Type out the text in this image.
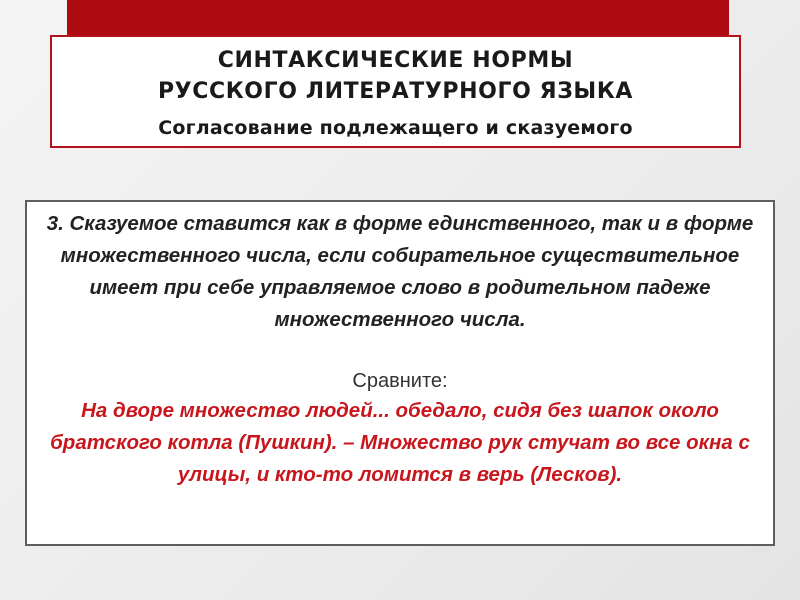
СИНТАКСИЧЕСКИЕ НОРМЫ
РУССКОГО ЛИТЕРАТУРНОГО ЯЗЫКА
Согласование подлежащего и сказуемого
3. Сказуемое ставится как в форме единственного, так и в форме множественного числа, если собирательное существительное имеет при себе управляемое слово в родительном падеже множественного числа.
Сравните:
На дворе множество людей... обедало, сидя без шапок около братского котла (Пушкин). – Множество рук стучат во все окна с улицы, и кто-то ломится в верь (Лесков).
